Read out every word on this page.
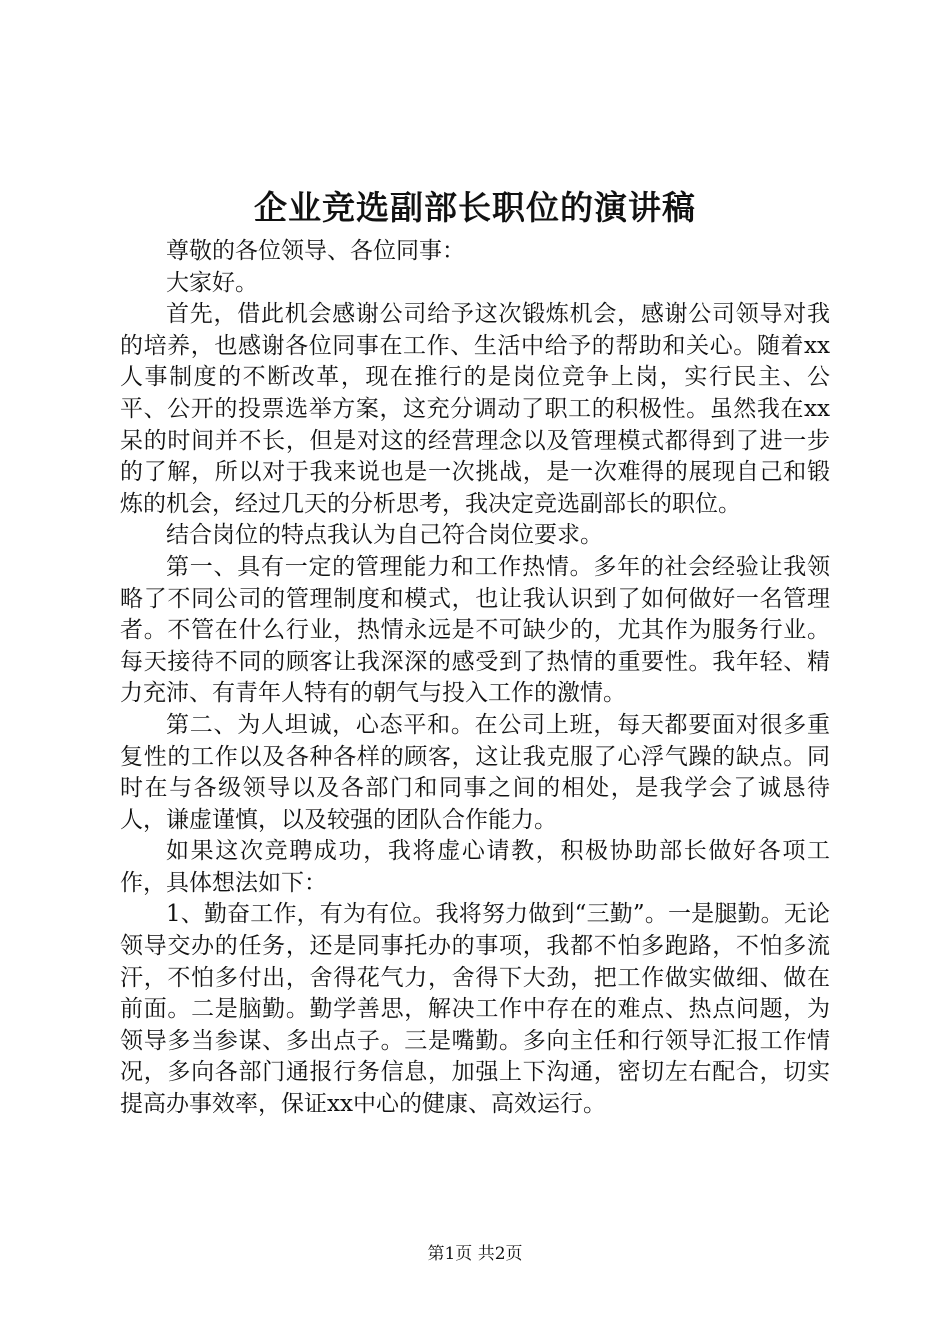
企业竞选副部长职位的演讲稿

尊敬的各位领导、各位同事：

大家好。

首先，借此机会感谢公司给予这次锻炼机会，感谢公司领导对我的培养，也感谢各位同事在工作、生活中给予的帮助和关心。随着xx人事制度的不断改革，现在推行的是岗位竞争上岗，实行民主、公平、公开的投票选举方案，这充分调动了职工的积极性。虽然我在xx呆的时间并不长，但是对这的经营理念以及管理模式都得到了进一步的了解，所以对于我来说也是一次挑战，是一次难得的展现自己和锻炼的机会，经过几天的分析思考，我决定竞选副部长的职位。

结合岗位的特点我认为自己符合岗位要求。

第一、具有一定的管理能力和工作热情。多年的社会经验让我领略了不同公司的管理制度和模式，也让我认识到了如何做好一名管理者。不管在什么行业，热情永远是不可缺少的，尤其作为服务行业。每天接待不同的顾客让我深深的感受到了热情的重要性。我年轻、精力充沛、有青年人特有的朝气与投入工作的激情。

第二、为人坦诚，心态平和。在公司上班，每天都要面对很多重复性的工作以及各种各样的顾客，这让我克服了心浮气躁的缺点。同时在与各级领导以及各部门和同事之间的相处，是我学会了诚恳待人，谦虚谨慎，以及较强的团队合作能力。

如果这次竞聘成功，我将虚心请教，积极协助部长做好各项工作，具体想法如下：

1、勤奋工作，有为有位。我将努力做到“三勤”。一是腿勤。无论领导交办的任务，还是同事托办的事项，我都不怕多跑路，不怕多流汗，不怕多付出，舍得花气力，舍得下大劲，把工作做实做细、做在前面。二是脑勤。勤学善思，解决工作中存在的难点、热点问题，为领导多当参谋、多出点子。三是嘴勤。多向主任和行领导汇报工作情况，多向各部门通报行务信息，加强上下沟通，密切左右配合，切实提高办事效率，保证xx中心的健康、高效运行。

第1页 共2页
